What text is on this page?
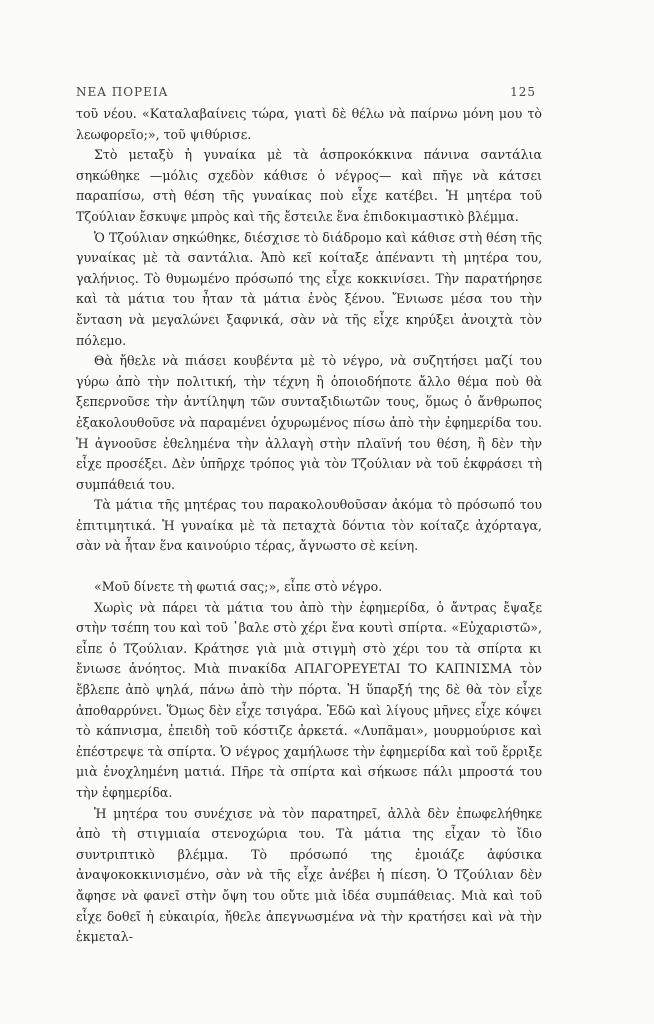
ΝΕΑ ΠΟΡΕΙΑ	125

τοῦ νέου. «Καταλαβαίνεις τώρα, γιατὶ δὲ θέλω νὰ παίρνω μόνη μου τὸ λεωφορεῖο;», τοῦ ψιθύρισε.

Στὸ μεταξὺ ἡ γυναίκα μὲ τὰ ἀσπροκόκκινα πάνινα σαντάλια σηκώθηκε —μόλις σχεδὸν κάθισε ὁ νέγρος— καὶ πῆγε νὰ κάτσει παραπίσω, στὴ θέση τῆς γυναίκας ποὺ εἶχε κατέβει. Ἡ μητέρα τοῦ Τζούλιαν ἔσκυψε μπρὸς καὶ τῆς ἔστειλε ἕνα ἐπιδοκιμαστικὸ βλέμμα.

Ὁ Τζούλιαν σηκώθηκε, διέσχισε τὸ διάδρομο καὶ κάθισε στὴ θέση τῆς γυναίκας μὲ τὰ σαντάλια. Ἀπὸ κεῖ κοίταξε ἀπέναντι τὴ μητέρα του, γαλήνιος. Τὸ θυμωμένο πρόσωπό της εἶχε κοκκινίσει. Τὴν παρατήρησε καὶ τὰ μάτια του ἦταν τὰ μάτια ἑνὸς ξένου. Ἔνιωσε μέσα του τὴν ἔνταση νὰ μεγαλώνει ξαφνικά, σὰν νὰ τῆς εἶχε κηρύξει ἀνοιχτὰ τὸν πόλεμο.

Θὰ ἤθελε νὰ πιάσει κουβέντα μὲ τὸ νέγρο, νὰ συζητήσει μαζί του γύρω ἀπὸ τὴν πολιτική, τὴν τέχνη ἢ ὁποιοδήποτε ἄλλο θέμα ποὺ θὰ ξεπερνοῦσε τὴν ἀντίληψη τῶν συνταξιδιωτῶν τους, ὅμως ὁ ἄνθρωπος ἐξακολουθοῦσε νὰ παραμένει ὀχυρωμένος πίσω ἀπὸ τὴν ἐφημερίδα του. Ἡ ἀγνοοῦσε ἐθελημένα τὴν ἀλλαγὴ στὴν πλαϊνή του θέση, ἢ δὲν τὴν εἶχε προσέξει. Δὲν ὑπῆρχε τρόπος γιὰ τὸν Τζούλιαν νὰ τοῦ ἐκφράσει τὴ συμπάθειά του.

Τὰ μάτια τῆς μητέρας του παρακολουθοῦσαν ἀκόμα τὸ πρόσωπό του ἐπιτιμητικά. Ἡ γυναίκα μὲ τὰ πεταχτὰ δόντια τὸν κοίταζε ἀχόρταγα, σὰν νὰ ἦταν ἕνα καινούριο τέρας, ἄγνωστο σὲ κείνη.

«Μοῦ δίνετε τὴ φωτιά σας;», εἶπε στὸ νέγρο.

Χωρὶς νὰ πάρει τὰ μάτια του ἀπὸ τὴν ἐφημερίδα, ὁ ἄντρας ἔψαξε στὴν τσέπη του καὶ τοῦ ᾽βαλε στὸ χέρι ἕνα κουτὶ σπίρτα. «Εὐχαριστῶ», εἶπε ὁ Τζούλιαν. Κράτησε γιὰ μιὰ στιγμὴ στὸ χέρι του τὰ σπίρτα κι ἔνιωσε ἀνόητος. Μιὰ πινακίδα ΑΠΑΓΟΡΕΥΕΤΑΙ ΤΟ ΚΑΠΝΙΣΜΑ τὸν ἔβλεπε ἀπὸ ψηλά, πάνω ἀπὸ τὴν πόρτα. Ἡ ὕπαρξή της δὲ θὰ τὸν εἶχε ἀποθαρρύνει. Ὅμως δὲν εἶχε τσιγάρα. Ἐδῶ καὶ λίγους μῆνες εἶχε κόψει τὸ κάπνισμα, ἐπειδὴ τοῦ κόστιζε ἀρκετά. «Λυπᾶμαι», μουρμούρισε καὶ ἐπέστρεψε τὰ σπίρτα. Ὁ νέγρος χαμήλωσε τὴν ἐφημερίδα καὶ τοῦ ἔρριξε μιὰ ἐνοχλημένη ματιά. Πῆρε τὰ σπίρτα καὶ σήκωσε πάλι μπροστά του τὴν ἐφημερίδα.

Ἡ μητέρα του συνέχισε νὰ τὸν παρατηρεῖ, ἀλλὰ δὲν ἐπωφελήθηκε ἀπὸ τὴ στιγμιαία στενοχώρια του. Τὰ μάτια της εἶχαν τὸ ἴδιο συντριπτικὸ βλέμμα. Τὸ πρόσωπό της ἐμοιάζε ἀφύσικα ἀναψοκοκκινισμένο, σὰν νὰ τῆς εἶχε ἀνέβει ἡ πίεση. Ὁ Τζούλιαν δὲν ἄφησε νὰ φανεῖ στὴν ὄψη του οὔτε μιὰ ἰδέα συμπάθειας. Μιὰ καὶ τοῦ εἶχε δοθεῖ ἡ εὐκαιρία, ἤθελε ἀπεγνωσμένα νὰ τὴν κρατήσει καὶ νὰ τὴν ἐκμεταλ-
